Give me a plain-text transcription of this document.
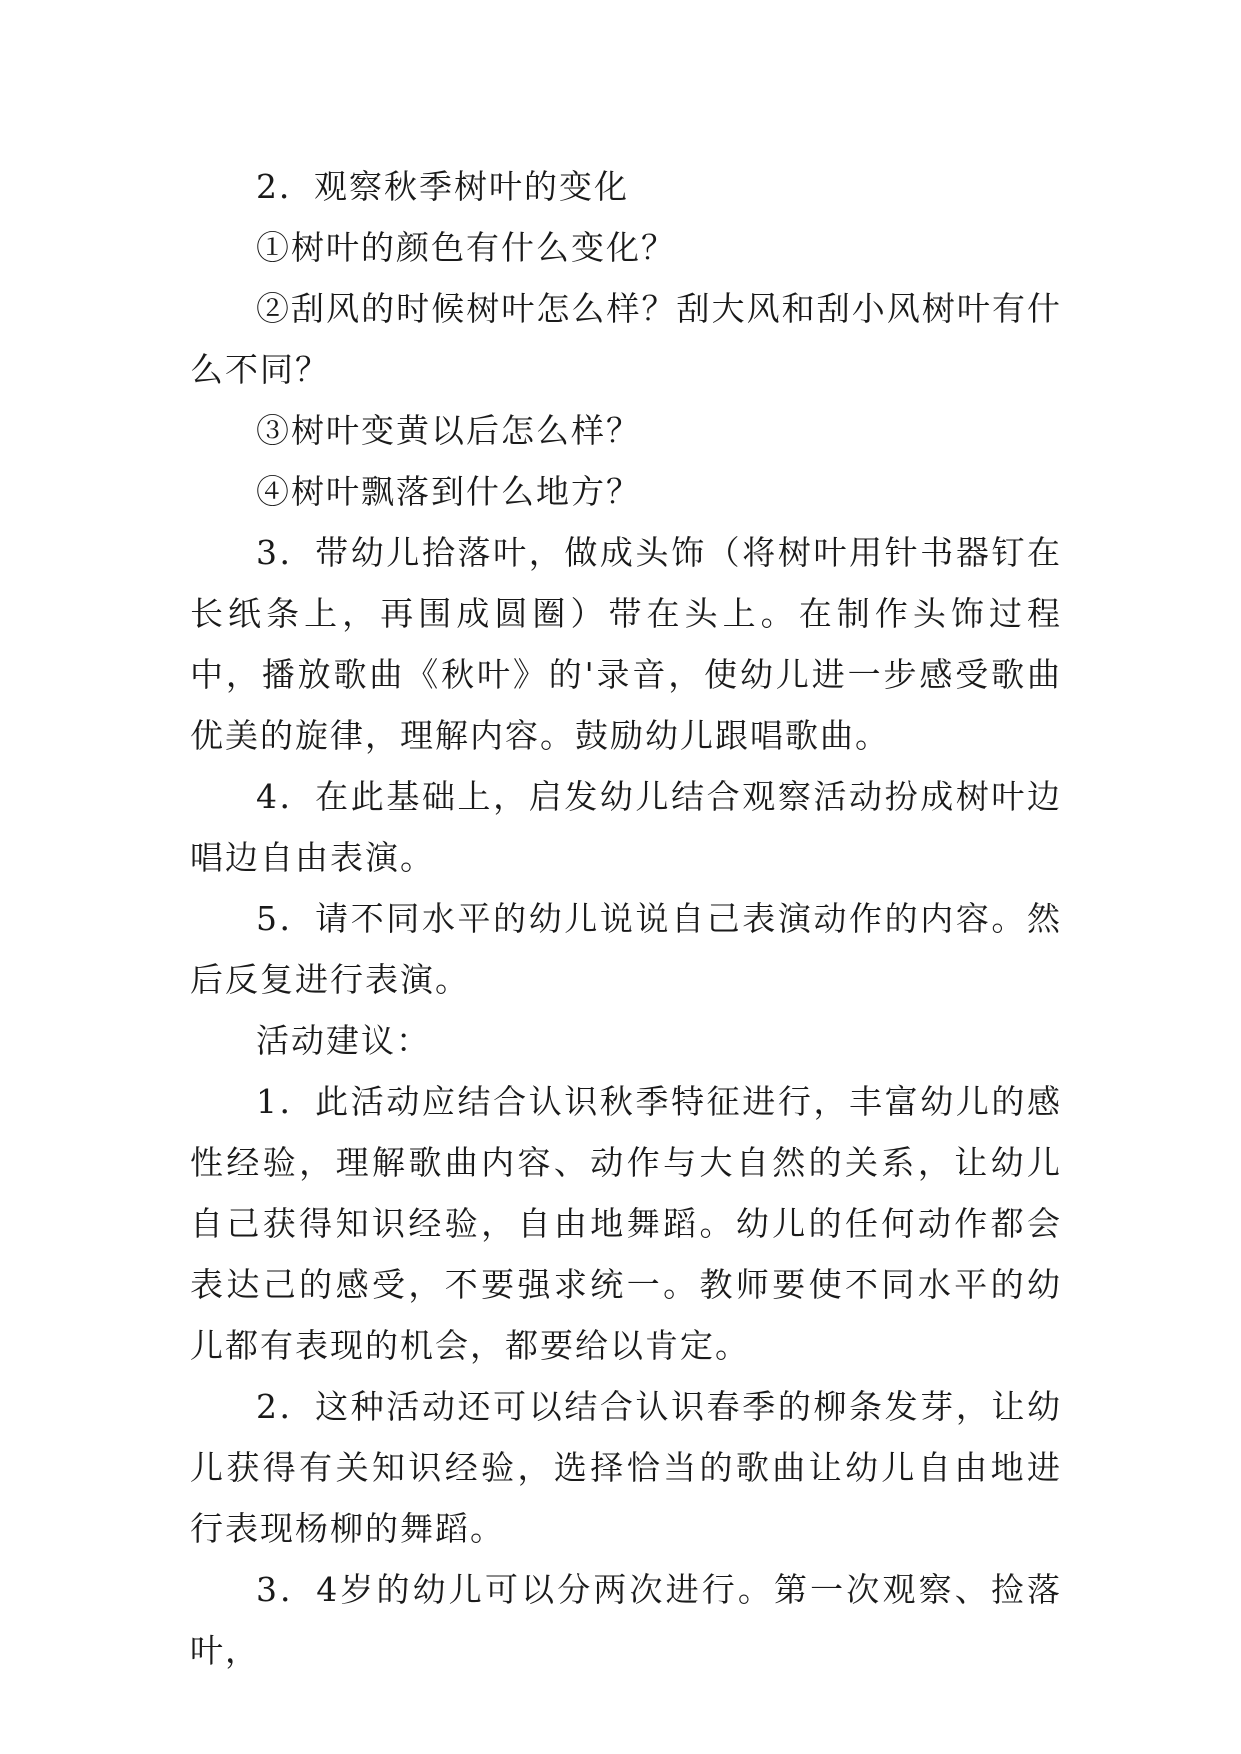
2．观察秋季树叶的变化

①树叶的颜色有什么变化？

②刮风的时候树叶怎么样？刮大风和刮小风树叶有什么不同？

③树叶变黄以后怎么样？

④树叶飘落到什么地方？

3．带幼儿拾落叶，做成头饰（将树叶用针书器钉在长纸条上，再围成圆圈）带在头上。在制作头饰过程中，播放歌曲《秋叶》的'录音，使幼儿进一步感受歌曲优美的旋律，理解内容。鼓励幼儿跟唱歌曲。

4．在此基础上，启发幼儿结合观察活动扮成树叶边唱边自由表演。

5．请不同水平的幼儿说说自己表演动作的内容。然后反复进行表演。

活动建议：

1．此活动应结合认识秋季特征进行，丰富幼儿的感性经验，理解歌曲内容、动作与大自然的关系，让幼儿自己获得知识经验，自由地舞蹈。幼儿的任何动作都会表达己的感受，不要强求统一。教师要使不同水平的幼儿都有表现的机会，都要给以肯定。

2．这种活动还可以结合认识春季的柳条发芽，让幼儿获得有关知识经验，选择恰当的歌曲让幼儿自由地进行表现杨柳的舞蹈。

3．4岁的幼儿可以分两次进行。第一次观察、捡落叶，
